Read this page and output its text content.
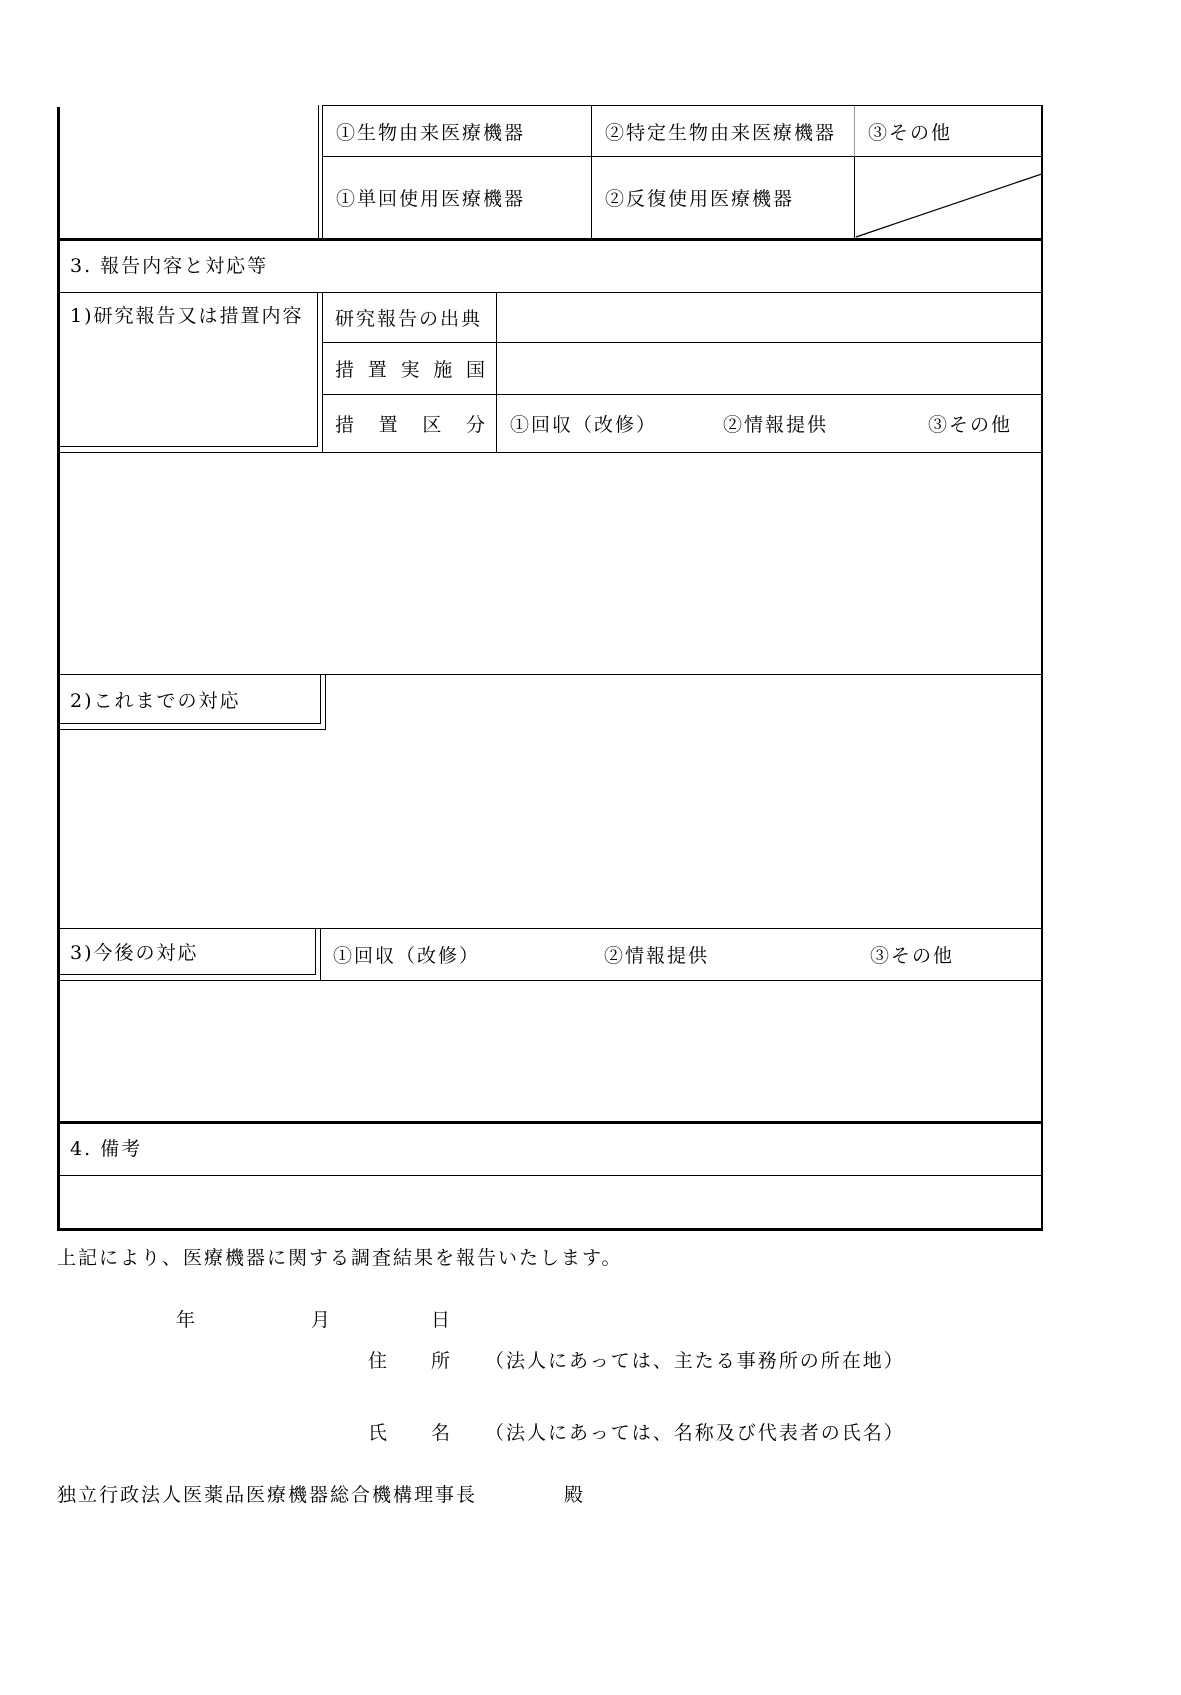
①生物由来医療機器	②特定生物由来医療機器 ③その他
①単回使用医療機器	②反復使用医療機器
3. 報告内容と対応等
1)研究報告又は措置内容	研究報告の出典
措 置 実 施 国
措 置 区 分 ①回収（改修）	②情報提供	③その他
2)これまでの対応
3)今後の対応	①回収（改修）	②情報提供	③その他
4. 備考
上記により、医療機器に関する調査結果を報告いたします。
年	月	日
住 所 （法人にあっては、主たる事務所の所在地）
氏 名 （法人にあっては、名称及び代表者の氏名）
独立行政法人医薬品医療機器総合機構理事長	殿
